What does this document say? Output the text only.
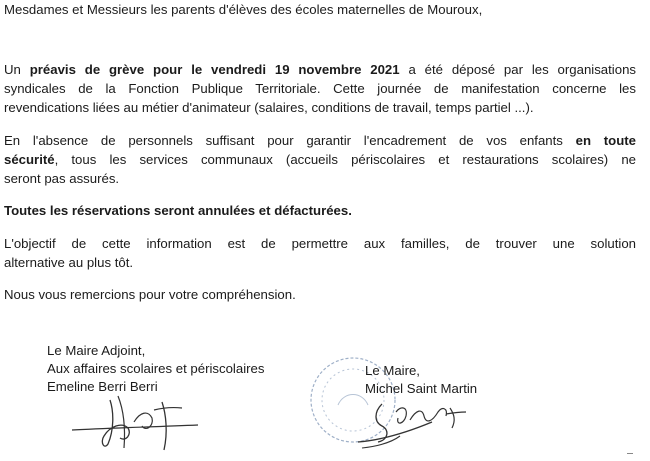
Mesdames et Messieurs les parents d'élèves des écoles maternelles de Mouroux,
Un préavis de grève pour le vendredi 19 novembre 2021 a été déposé par les organisations
syndicales de la Fonction Publique Territoriale. Cette journée de manifestation concerne les
revendications liées au métier d'animateur (salaires, conditions de travail, temps partiel ...).
En l'absence de personnels suffisant pour garantir l'encadrement de vos enfants en toute
sécurité, tous les services communaux (accueils périscolaires et restaurations scolaires) ne
seront pas assurés.
Toutes les réservations seront annulées et défacturées.
L'objectif de cette information est de permettre aux familles, de trouver une solution
alternative au plus tôt.
Nous vous remercions pour votre compréhension.
Le Maire Adjoint,
Aux affaires scolaires et périscolaires
Emeline Berri Berri
Le Maire,
Michel Saint Martin
